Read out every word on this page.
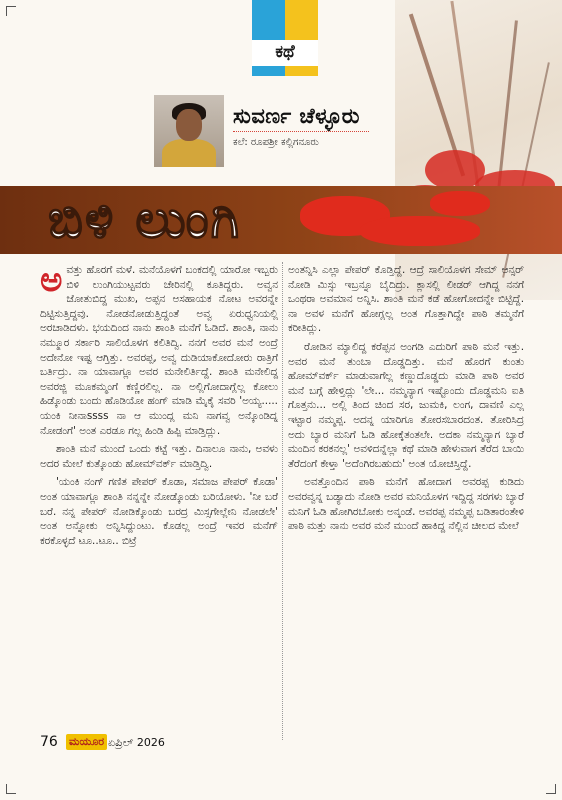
ಕಥೆ
ಸುವರ್ಣ ಚೆಳ್ಳೂರು
ಕಲೆ: ರೂಪಶ್ರೀ ಕಲ್ಲಿಗನೂರು
ಬಿಳಿ ಲುಂಗಿ

ಅವತ್ತು ಹೊರಗೆ ಮಳೆ. ಮನೆಯೊಳಗೆ ಬಂಕದಲ್ಲಿ ಯಾರೋ ಇಬ್ಬರು ಬಿಳಿ ಲುಂಗಿಯುಟ್ಟವರು ಚೇರಿನಲ್ಲಿ ಕೂತಿದ್ದರು. ಅವ್ವನ ಜೋತುಬಿದ್ದ ಮುಖ, ಅಪ್ಪನ ಅಸಹಾಯಕ ನೋಟ ಅವರನ್ನೇ ದಿಟ್ಟಿಸುತ್ತಿದ್ದವು. ನೋಡನೋಡುತ್ತಿದ್ದಂತೆ ಅವ್ವ ಏರುಧ್ವನಿಯಲ್ಲಿ ಅರಚಾಡಿದಳು. ಭಯದಿಂದ ನಾನು ಶಾಂತಿ ಮನೆಗೆ ಓಡಿದೆ. ಶಾಂತಿ, ನಾನು ನಮ್ಮೂರ ಸರ್ಕಾರಿ ಸಾಲಿಯೊಳಗ ಕಲಿತಿದ್ವಿ. ನನಗೆ ಅವರ ಮನೆ ಅಂದ್ರೆ ಅದೇನೋ ಇಷ್ಟ ಆಗ್ತಿತ್ತು. ಅವರಪ್ಪ, ಅವ್ವ ದುಡಿಯಾಕೋದೋರು ರಾತ್ರಿಗೆ ಬರ್ತಿದ್ರು. ನಾ ಯಾವಾಗ್ಲೂ ಅವರ ಮನೇಲಿರ್ತಿದ್ದೆ. ಶಾಂತಿ ಮನೇಲಿದ್ದ ಅವರಜ್ಜಿ ಮೂಕಮ್ಮಂಗೆ ಕಣ್ಣಿರಲಿಲ್ಲ. ನಾ ಅಲ್ಲಿಗೋದಾಗ್ಲೆಲ್ಲ ಕೋಲು ಹಿಡ್ಕೊಂಡು ಬಂದು ಹೊಡಿಯೋ ಹಂಗ್ ಮಾಡಿ ಮೈಕೈ ಸವರಿ 'ಅಯ್ಯ..... ಯಂಕಿ ನೀನಾssss ನಾ ಆ ಮುಂದ್ಲ ಮನಿ ನಾಗವ್ವ ಅನ್ಕೊಂಡಿದ್ನ ನೋಡಂಗೆ' ಅಂತ ಎರಡೂ ಗಲ್ಲ ಹಿಂಡಿ ಹಿಪ್ಪಿ ಮಾಡ್ತಿದ್ಲು.

ಶಾಂತಿ ಮನೆ ಮುಂದೆ ಒಂದು ಕಟ್ಟೆ ಇತ್ತು. ದಿನಾಲೂ ನಾನು, ಅವಳು ಅದರ ಮೇಲೆ ಕುತ್ಕೊಂಡು ಹೋಮ್‌ವರ್ಕ್ ಮಾಡ್ತಿದ್ವಿ.

'ಯಂಕಿ ನಂಗ್ ಗಣಿತ ಪೇಪರ್ ಕೊಡಾ, ಸಮಾಜ ಪೇಪರ್ ಕೊಡಾ' ಅಂತ ಯಾವಾಗ್ಲೂ ಶಾಂತಿ ನನ್ನನ್ನೇ ನೋಡ್ಕೊಂಡು ಬರಿಯೋಳು. 'ನೀ ಬರೆ ಬರೆ. ನನ್ನ ಪೇಪರ್ ನೋಡಿಕ್ಕೊಂಡು ಬರದ್ರ ಮಿಸ್ಸಗೇಲ್ಲೇನಿ ನೋಡಲೇ' ಅಂತ ಅನ್ನೋಕು ಅನ್ನಿಸಿದ್ದುಂಟು. ಕೊಡಲ್ಲ ಅಂದ್ರೆ ಇವರ ಮನೆಗ್ ಕರಕೊಳ್ಳದೆ ಟೂ..ಟೂ.. ಬಿಟ್ರೆ

ಅಂತನ್ನಿಸಿ ಎಲ್ಲಾ ಪೇಪರ್ ಕೊಡ್ತಿದ್ದೆ. ಆದ್ರೆ ಸಾಲಿಯೊಳಗ ಸೇಮ್ ಆನ್ಸರ್ ನೋಡಿ ಮಿಸ್ಸು ಇಬ್ರನ್ನೂ ಬೈದಿದ್ರು. ಕ್ಲಾಸಲ್ಲಿ ಲೀಡರ್ ಆಗಿದ್ದ ನನಗೆ ಒಂಥರಾ ಅವಮಾನ ಅನ್ನಿಸಿ. ಶಾಂತಿ ಮನೆ ಕಡೆ ಹೋಗೋದನ್ನೇ ಬಿಟ್ಟಿದ್ದೆ. ನಾ ಅವಳ ಮನೆಗೆ ಹೋಗ್ಲಲ್ಲ ಅಂತ ಗೊತ್ತಾಗಿದ್ದೇ ಪಾಠಿ ತಮ್ಮನೆಗೆ ಕರೀತಿದ್ಲು.

ರೋಡಿನ ಮ್ಯಾಲಿದ್ದ ಕರೆಪ್ಪನ ಅಂಗಡಿ ಎದುರಿಗೆ ಪಾಠಿ ಮನೆ ಇತ್ತು. ಅವರ ಮನೆ ತುಂಬಾ ದೊಡ್ಡದಿತ್ತು. ಮನೆ ಹೊರಗೆ ಕುಂತು ಹೋಮ್‌ವರ್ಕ್ ಮಾಡುವಾಗೆಲ್ಲ ಕಣ್ಣುದೊಡ್ಡದು ಮಾಡಿ ಪಾಠಿ ಅವರ ಮನೆ ಬಗ್ಗೆ ಹೇಳ್ತಿದ್ಲು 'ಲೇ... ನಮ್ಮನ್ಯಾಗ ಇಷ್ಟೊಂದು ದೊಡ್ಡಮನಿ ಐತಿ ಗೊತ್ತನು... ಅಲ್ಲಿ ತಿಂದ ಚಿಂದ ಸರ, ಜುಮಕಿ, ಲಂಗ, ದಾವಣಿ ಎಲ್ಲ ಇಟ್ಟಾರ ನಮ್ಮಪ್ಪ. ಅದನ್ನ ಯಾರಿಗೂ ತೋರಸಬಾರದಂತ. ತೋರಿಸಿದ್ರ ಅದು ಬ್ಯಾರ ಮನಿಗೆ ಓಡಿ ಹೋಕ್ಕೆತಂತಲೇ. ಅದಕಾ ನಮ್ಮನ್ಯಾಗ ಬ್ಯಾರೆ ಮಂದಿನ ಕರಕನಲ್ಲ' ಅವಳಿದನ್ನೆಲ್ಲಾ ಕಥೆ ಮಾಡಿ ಹೇಳುವಾಗ ತೆರೆದ ಬಾಯಿ ತೆರೆದಂಗೆ ಕೇಳ್ತಾ 'ಅದೆಂಗಿರಬಹುದು' ಅಂತ ಯೋಚಿಸ್ತಿದ್ದೆ.

ಅವತ್ತೊಂದಿನ ಪಾಠಿ ಮನೆಗೆ ಹೋದಾಗ ಅವರಪ್ಪ ಕುಡಿದು ಅವರವ್ವನ್ನ ಬಡ್ಯಾದು ನೋಡಿ ಅವರ ಮನಿಯೊಳಗ ಇದ್ದಿದ್ದ ಸರಗಳು ಬ್ಯಾರೆ ಮನಿಗೆ ಓಡಿ ಹೋಗಿರಬೋಕು ಅನ್ಕಂಡೆ. ಅವರಪ್ಪ ನಮ್ಮಪ್ಪ ಬಡಿತಾರಂತೇಳಿ ಪಾಠಿ ಮತ್ತು ನಾನು ಅವರ ಮನೆ ಮುಂದೆ ಹಾಕಿದ್ದ ನೆಲ್ಲಿನ ಚೀಲದ ಮೇಲೆ

76 ಮಯೂರ ಏಪ್ರಿಲ್ 2026
